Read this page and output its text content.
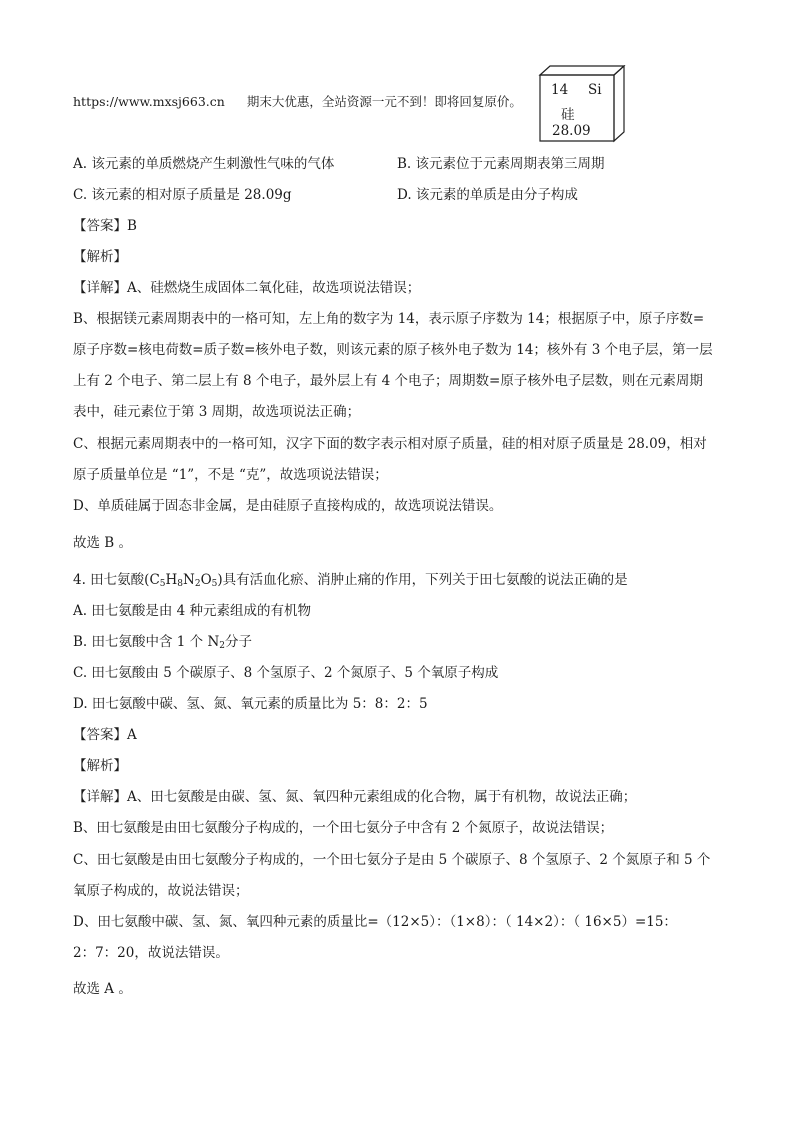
https://www.mxsj663.cn 期末大优惠，全站资源一元不到！即将回复原价。
14 Si
硅
28.09
A. 该元素的单质燃烧产生刺激性气味的气体	B. 该元素位于元素周期表第三周期
C. 该元素的相对原子质量是 28.09g	D. 该元素的单质是由分子构成
【答案】B
【解析】
【详解】A、硅燃烧生成固体二氧化硅，故选项说法错误；
B、根据镁元素周期表中的一格可知，左上角的数字为 14，表示原子序数为 14；根据原子中，原子序数=
原子序数=核电荷数=质子数=核外电子数，则该元素的原子核外电子数为 14；核外有 3 个电子层，第一层
上有 2 个电子、第二层上有 8 个电子，最外层上有 4 个电子；周期数=原子核外电子层数，则在元素周期
表中，硅元素位于第 3 周期，故选项说法正确；
C、根据元素周期表中的一格可知，汉字下面的数字表示相对原子质量，硅的相对原子质量是 28.09，相对
原子质量单位是 “1”，不是 “克”，故选项说法错误；
D、单质硅属于固态非金属，是由硅原子直接构成的，故选项说法错误。
故选 B 。
4. 田七氨酸$(C_5H_8N_2O_5)$具有活血化瘀、消肿止痛的作用，下列关于田七氨酸的说法正确的是
A. 田七氨酸是由 4 种元素组成的有机物
B. 田七氨酸中含 1 个 $N_2$分子
C. 田七氨酸由 5 个碳原子、8 个氢原子、2 个氮原子、5 个氧原子构成
D. 田七氨酸中碳、氢、氮、氧元素的质量比为 5：8：2：5
【答案】A
【解析】
【详解】A、田七氨酸是由碳、氢、氮、氧四种元素组成的化合物，属于有机物，故说法正确；
B、田七氨酸是由田七氨酸分子构成的，一个田七氨分子中含有 2 个氮原子，故说法错误；
C、田七氨酸是由田七氨酸分子构成的，一个田七氨分子是由 5 个碳原子、8 个氢原子、2 个氮原子和 5 个
氧原子构成的，故说法错误；
D、田七氨酸中碳、氢、氮、氧四种元素的质量比=（12×5）：（1×8）：（ 14×2）：（ 16×5）=15：
2：7：20，故说法错误。
故选 A 。
